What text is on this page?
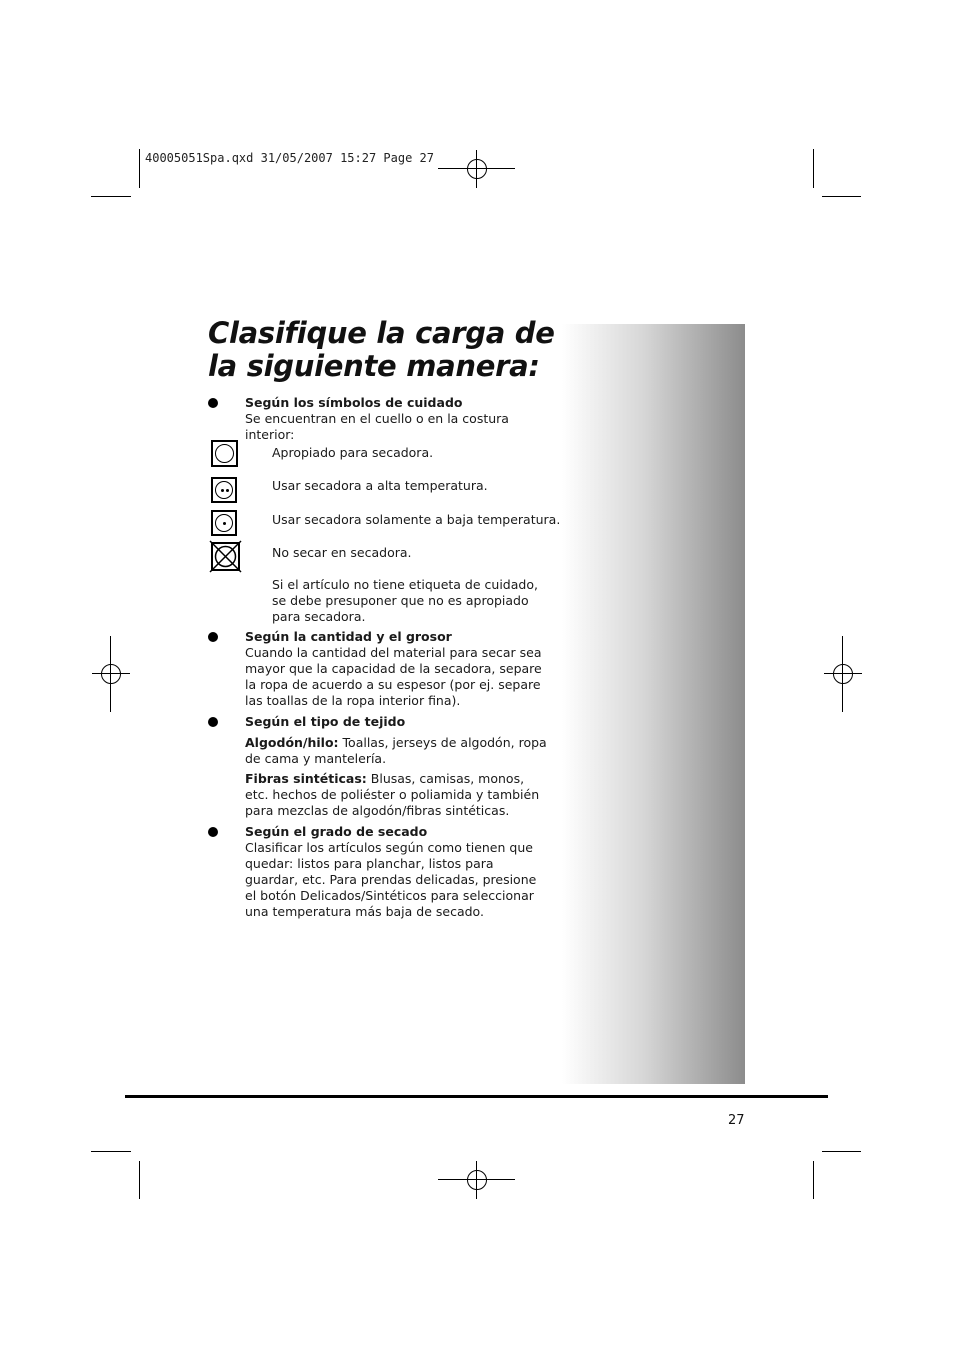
40005051Spa.qxd 31/05/2007 15:27 Page 27
Clasifique la carga de la siguiente manera:
Según los símbolos de cuidado
Se encuentran en el cuello o en la costura interior:
Apropiado para secadora.
Usar secadora a alta temperatura.
Usar secadora solamente a baja temperatura.
No secar en secadora.
Si el artículo no tiene etiqueta de cuidado, se debe presuponer que no es apropiado para secadora.
Según la cantidad y el grosor
Cuando la cantidad del material para secar sea mayor que la capacidad de la secadora, separe la ropa de acuerdo a su espesor (por ej. separe las toallas de la ropa interior fina).
Según el tipo de tejido
Algodón/hilo: Toallas, jerseys de algodón, ropa de cama y mantelería.
Fibras sintéticas: Blusas, camisas, monos, etc. hechos de poliéster o poliamida y también para mezclas de algodón/fibras sintéticas.
Según el grado de secado
Clasificar los artículos según como tienen que quedar: listos para planchar, listos para guardar, etc. Para prendas delicadas, presione el botón Delicados/Sintéticos para seleccionar una temperatura más baja de secado.
27
